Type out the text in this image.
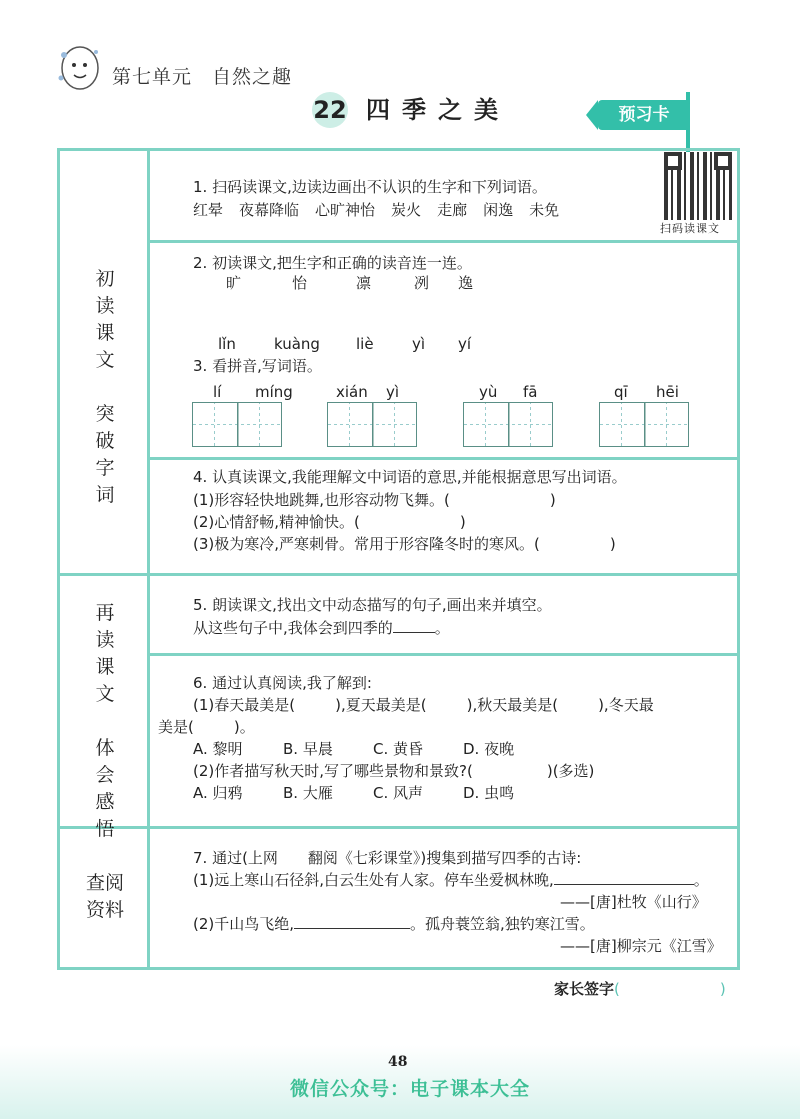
第七单元 自然之趣
22 四季之美	预习卡
初
读
课
文
突
破
字
词
再
读
课
文
体
会
感
悟
查阅
资料
扫码读课文
1. 扫码读课文,边读边画出不认识的生字和下列词语。
红晕 夜幕降临 心旷神怡 炭火 走廊 闲逸 未免
2. 初读课文,把生字和正确的读音连一连。
旷	怡	凛	冽 逸
lǐn	kuàng liè	yì yí
3. 看拼音,写词语。
lí míng	xián yì	yù fā	qī hēi
4. 认真读课文,我能理解文中词语的意思,并能根据意思写出词语。
(1)形容轻快地跳舞,也形容动物飞舞。(	)
(2)心情舒畅,精神愉快。(	)
(3)极为寒冷,严寒刺骨。常用于形容隆冬时的寒风。(	)
5. 朗读课文,找出文中动态描写的句子,画出来并填空。
从这些句子中,我体会到四季的	。
6. 通过认真阅读,我了解到:
(1)春天最美是(	),夏天最美是(	),秋天最美是(	),冬天最
美是(	)。
A. 黎明	B. 早晨	C. 黄昏	D. 夜晚
(2)作者描写秋天时,写了哪些景物和景致?(	)(多选)
A. 归鸦	B. 大雁	C. 风声	D. 虫鸣
7. 通过(上网　　翻阅《七彩课堂》)搜集到描写四季的古诗:
(1)远上寒山石径斜,白云生处有人家。停车坐爱枫林晚,	。
——[唐]杜牧《山行》
(2)千山鸟飞绝,	。孤舟蓑笠翁,独钓寒江雪。
——[唐]柳宗元《江雪》
家长签字(	)
48
微信公众号：电子课本大全
